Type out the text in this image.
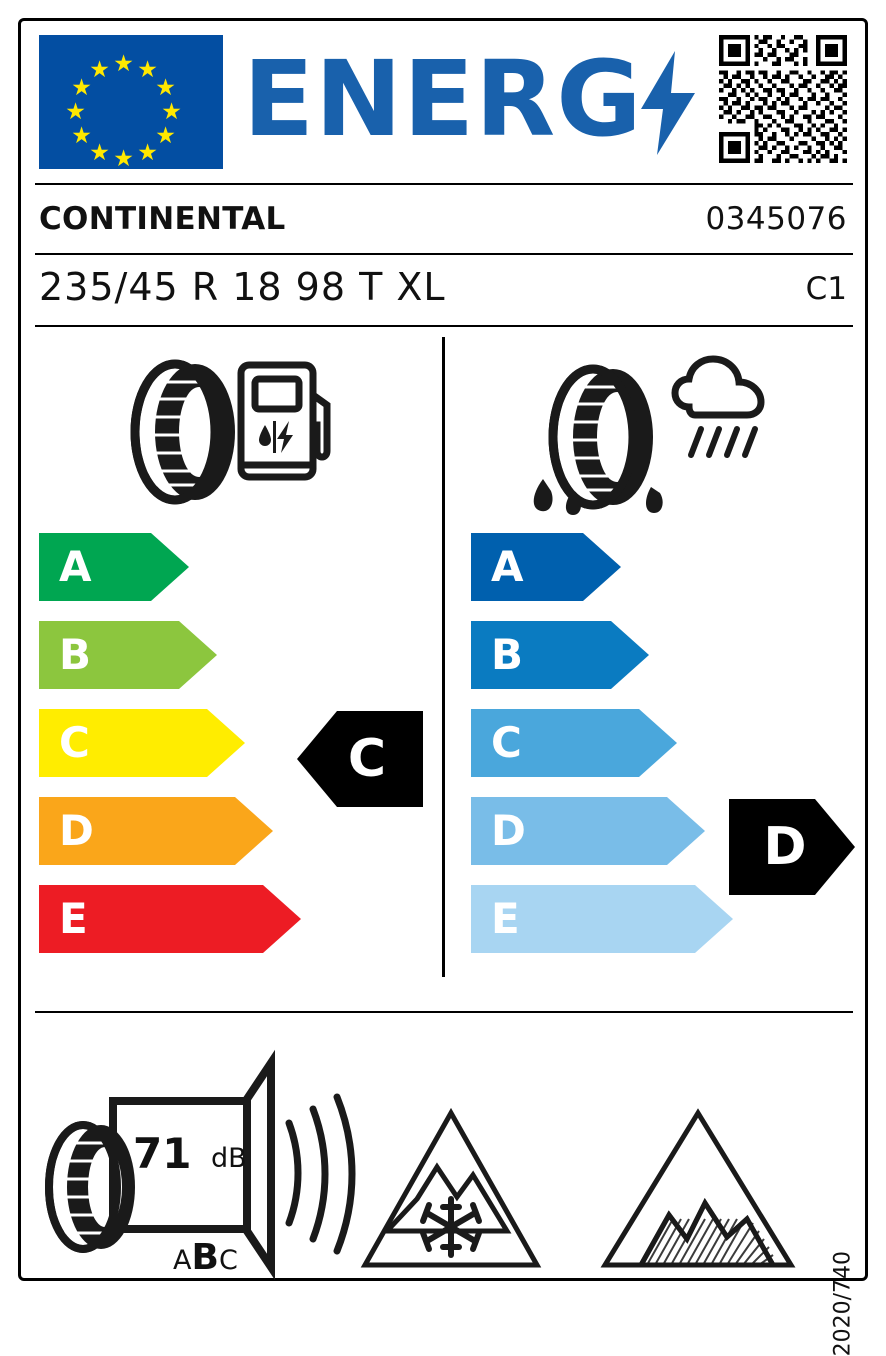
★ ★
★
★
★
★
★
★
★
★
★
★ ENERG
CONTINENTAL	0345076
235/45 R 18 98 T XL	C1
A
B
C
D
E
C
A
B
C
D
E
D
71 dB
ABC	2020/740
